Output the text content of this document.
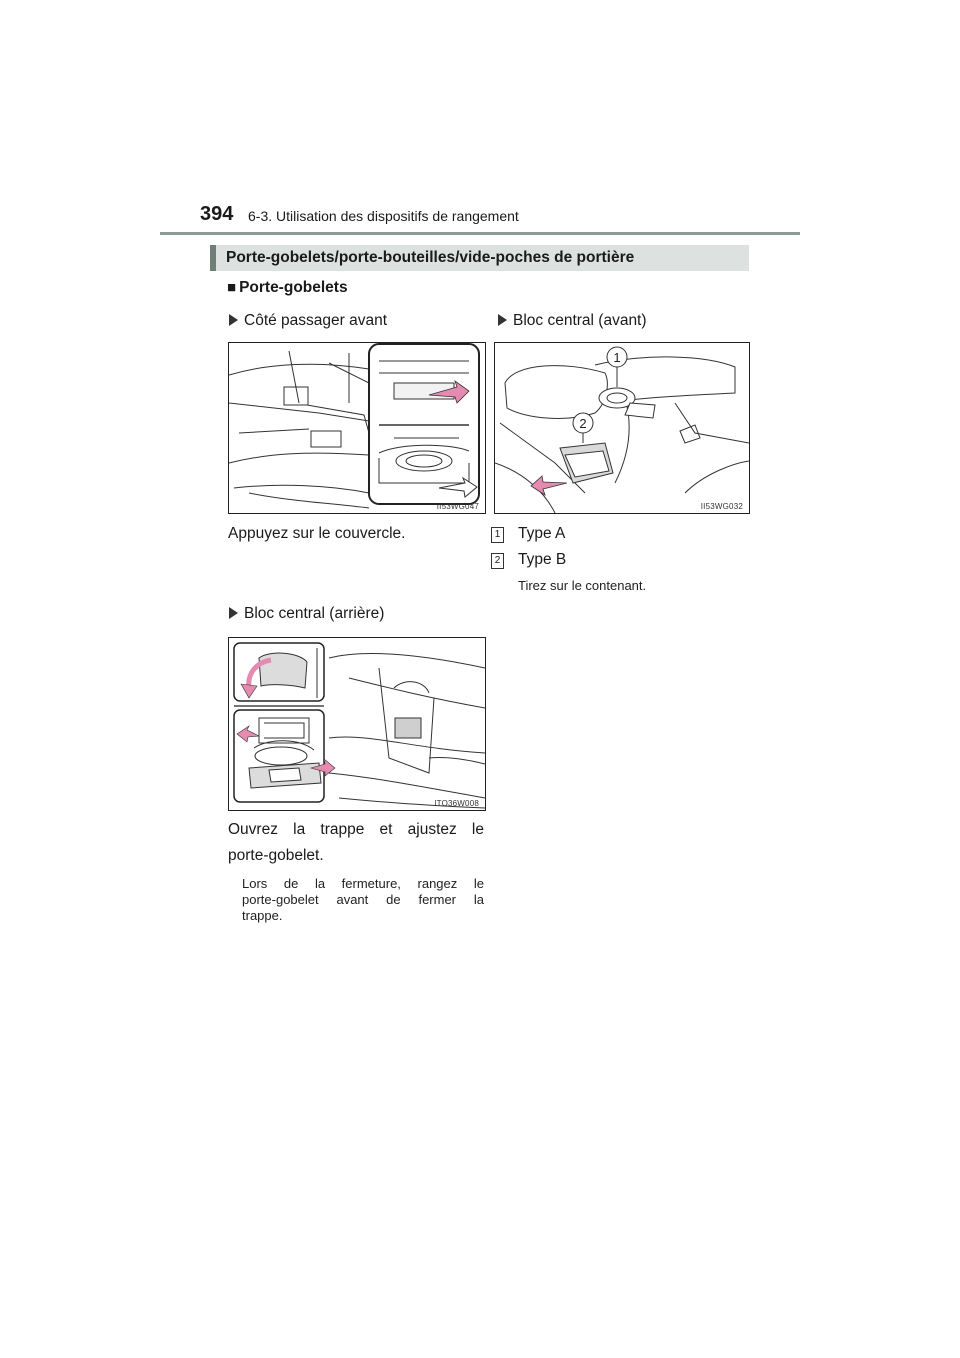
394 6-3. Utilisation des dispositifs de rangement
Porte-gobelets/porte-bouteilles/vide-poches de portière
■ Porte-gobelets
Côté passager avant
II53WG047
Appuyez sur le couvercle.
Bloc central (avant)
1
2
II53WG032
1 Type A
2 Type B
Tirez sur le contenant.
Bloc central (arrière)
ITO36W008
Ouvrez la trappe et ajustez le
porte-gobelet.
Lors de la fermeture, rangez le
porte-gobelet avant de fermer la
trappe.
